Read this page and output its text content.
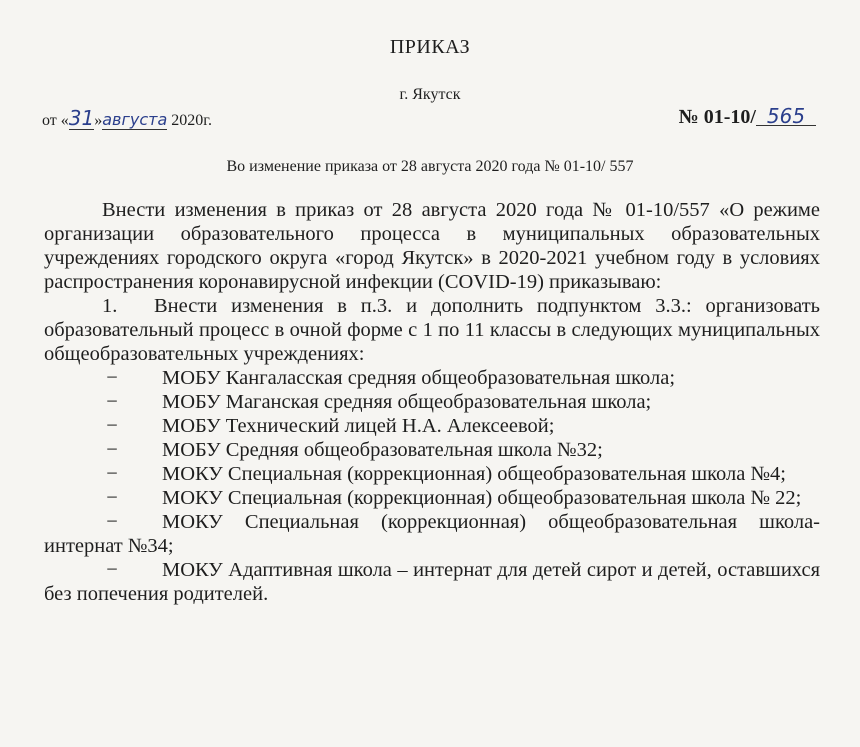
ПРИКАЗ
г. Якутск
от «31»августа 2020г.	№ 01-10/ 565
Во изменение приказа от 28 августа 2020 года № 01-10/ 557

Внести изменения в приказ от 28 августа 2020 года № 01-10/557 «О режиме организации образовательного процесса в муниципальных образовательных учреждениях городского округа «город Якутск» в 2020-2021 учебном году в условиях распространения коронавирусной инфекции (COVID-19) приказываю:

1. Внести изменения в п.3. и дополнить подпунктом 3.3.: организовать образовательный процесс в очной форме с 1 по 11 классы в следующих муниципальных общеобразовательных учреждениях:

−	МОБУ Кангаласская средняя общеобразовательная школа;

−	МОБУ Маганская средняя общеобразовательная школа;

−	МОБУ Технический лицей Н.А. Алексеевой;

−	МОБУ Средняя общеобразовательная школа №32;

− МОКУ Специальная (коррекционная) общеобразовательная школа №4;

− МОКУ Специальная (коррекционная) общеобразовательная школа № 22;

− МОКУ Специальная (коррекционная) общеобразовательная школа-интернат №34;

− МОКУ Адаптивная школа – интернат для детей сирот и детей, оставшихся без попечения родителей.
